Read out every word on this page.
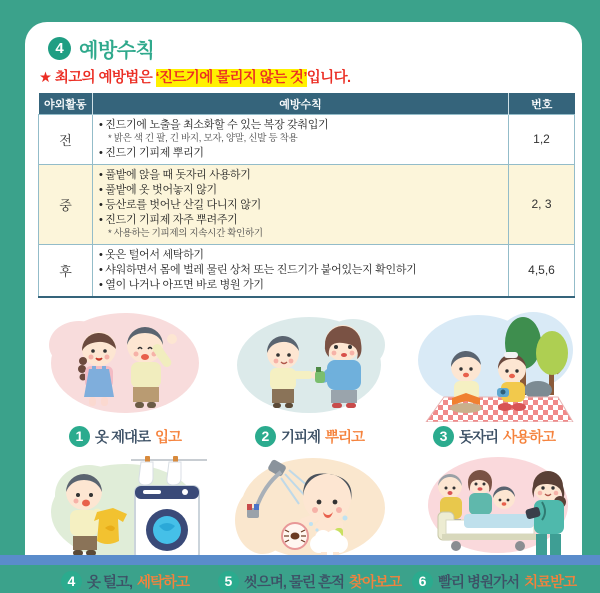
4 예방수칙
★ 최고의 예방법은 ‘진드기에 물리지 않는 것’입니다.
야외활동	예방수칙	번호
전	• 진드기에 노출을 최소화할 수 있는 복장 갖춰입기
* 밝은 색 긴 팔, 긴 바지, 모자, 양말, 신발 등 착용
• 진드기 기피제 뿌리기	1,2
중	• 풀밭에 앉을 때 돗자리 사용하기
• 풀밭에 옷 벗어놓지 않기
• 등산로를 벗어난 산길 다니지 않기
• 진드기 기피제 자주 뿌려주기
* 사용하는 기피제의 지속시간 확인하기	2, 3
후	• 옷은 털어서 세탁하기
• 샤워하면서 몸에 벌레 물린 상처 또는 진드기가 붙어있는지 확인하기
• 열이 나거나 아프면 바로 병원 가기	4,5,6
1 옷 제대로 입고	2 기피제 뿌리고	3 돗자리 사용하고
4 옷 털고, 세탁하고	5 씻으며, 물린 흔적 찾아보고	6 빨리 병원가서 치료받고
